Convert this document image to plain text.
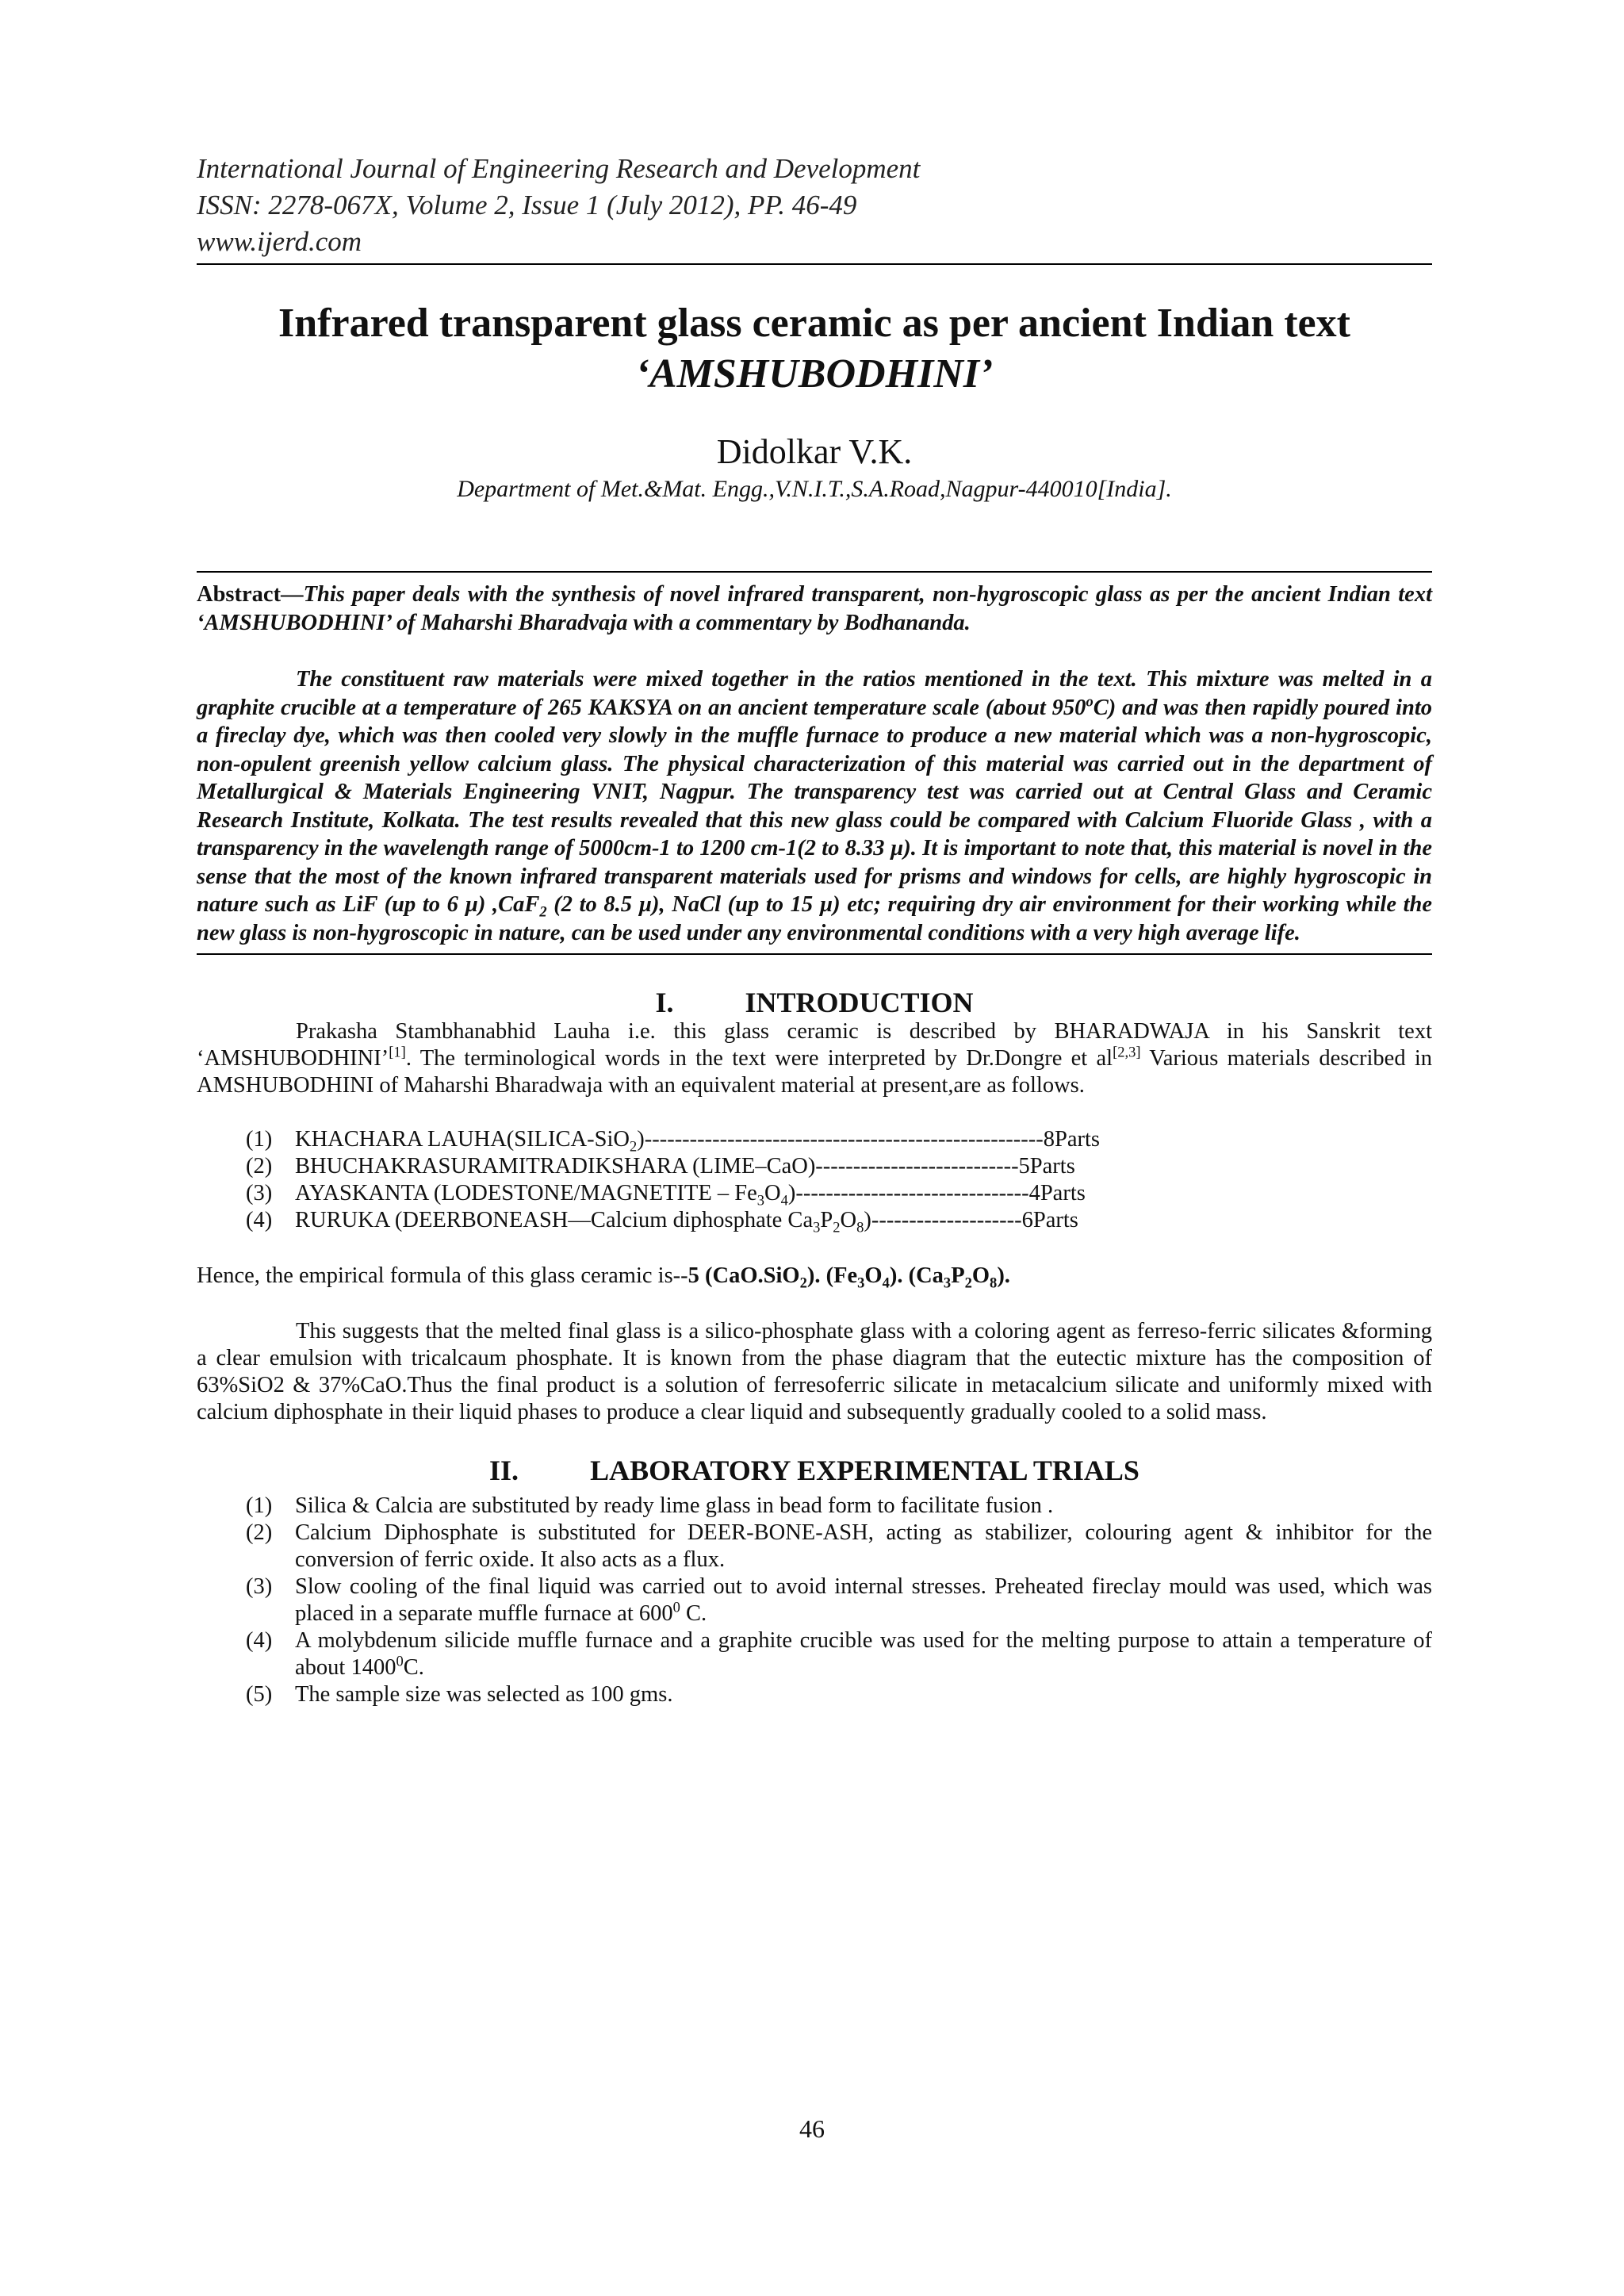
International Journal of Engineering Research and Development
ISSN: 2278-067X, Volume 2, Issue 1 (July 2012), PP. 46-49
www.ijerd.com
Infrared transparent glass ceramic as per ancient Indian text
‘AMSHUBODHINI’
Didolkar V.K.
Department of Met.&Mat. Engg.,V.N.I.T.,S.A.Road,Nagpur-440010[India].

Abstract—This paper deals with the synthesis of novel infrared transparent, non-hygroscopic glass as per the ancient Indian text ‘AMSHUBODHINI’ of Maharshi Bharadvaja with a commentary by Bodhananda.

The constituent raw materials were mixed together in the ratios mentioned in the text. This mixture was melted in a graphite crucible at a temperature of 265 KAKSYA on an ancient temperature scale (about 950$^o$C) and was then rapidly poured into a fireclay dye, which was then cooled very slowly in the muffle furnace to produce a new material which was a non-hygroscopic, non-opulent greenish yellow calcium glass. The physical characterization of this material was carried out in the department of Metallurgical & Materials Engineering VNIT, Nagpur. The transparency test was carried out at Central Glass and Ceramic Research Institute, Kolkata. The test results revealed that this new glass could be compared with Calcium Fluoride Glass , with a transparency in the wavelength range of 5000cm-1 to 1200 cm-1(2 to 8.33 µ). It is important to note that, this material is novel in the sense that the most of the known infrared transparent materials used for prisms and windows for cells, are highly hygroscopic in nature such as LiF (up to 6 µ) ,CaF$_2$ (2 to 8.5 µ), NaCl (up to 15 µ) etc; requiring dry air environment for their working while the new glass is non-hygroscopic in nature, can be used under any environmental conditions with a very high average life.

I.	INTRODUCTION

Prakasha Stambhanabhid Lauha i.e. this glass ceramic is described by BHARADWAJA in his Sanskrit text ‘AMSHUBODHINI’[1]. The terminological words in the text were interpreted by Dr.Dongre et al[2,3] Various materials described in AMSHUBODHINI of Maharshi Bharadwaja with an equivalent material at present,are as follows.

(1)	KHACHARA LAUHA(SILICA-SiO$_2$)-----------------------------------------------------8Parts
(2)	BHUCHAKRASURAMITRADIKSHARA (LIME–CaO)---------------------------5Parts
(3)	AYASKANTA (LODESTONE/MAGNETITE – $Fe_3O_4)-------------------------------4Parts$
(4)	RURUKA (DEERBONEASH—Calcium diphosphate $Ca_3P_2O_8)--------------------6Parts$

Hence, the empirical formula of this glass ceramic is--5 (CaO.SiO$_2$). $(Fe_3O_4)$. $(Ca_3P_2O_8)$.

This suggests that the melted final glass is a silico-phosphate glass with a coloring agent as ferreso-ferric silicates &forming a clear emulsion with tricalcaum phosphate. It is known from the phase diagram that the eutectic mixture has the composition of 63%SiO2 & 37%CaO.Thus the final product is a solution of ferresoferric silicate in metacalcium silicate and uniformly mixed with calcium diphosphate in their liquid phases to produce a clear liquid and subsequently gradually cooled to a solid mass.

II.	LABORATORY EXPERIMENTAL TRIALS
(1)	Silica & Calcia are substituted by ready lime glass in bead form to facilitate fusion .
(2)	Calcium Diphosphate is substituted for DEER-BONE-ASH, acting as stabilizer, colouring agent & inhibitor for the conversion of ferric oxide. It also acts as a flux.
(3)	Slow cooling of the final liquid was carried out to avoid internal stresses. Preheated fireclay mould was used, which was placed in a separate muffle furnace at $600^0$ C.
(4)	A molybdenum silicide muffle furnace and a graphite crucible was used for the melting purpose to attain a temperature of about 1400$^0$C.
(5)	The sample size was selected as 100 gms.
46
